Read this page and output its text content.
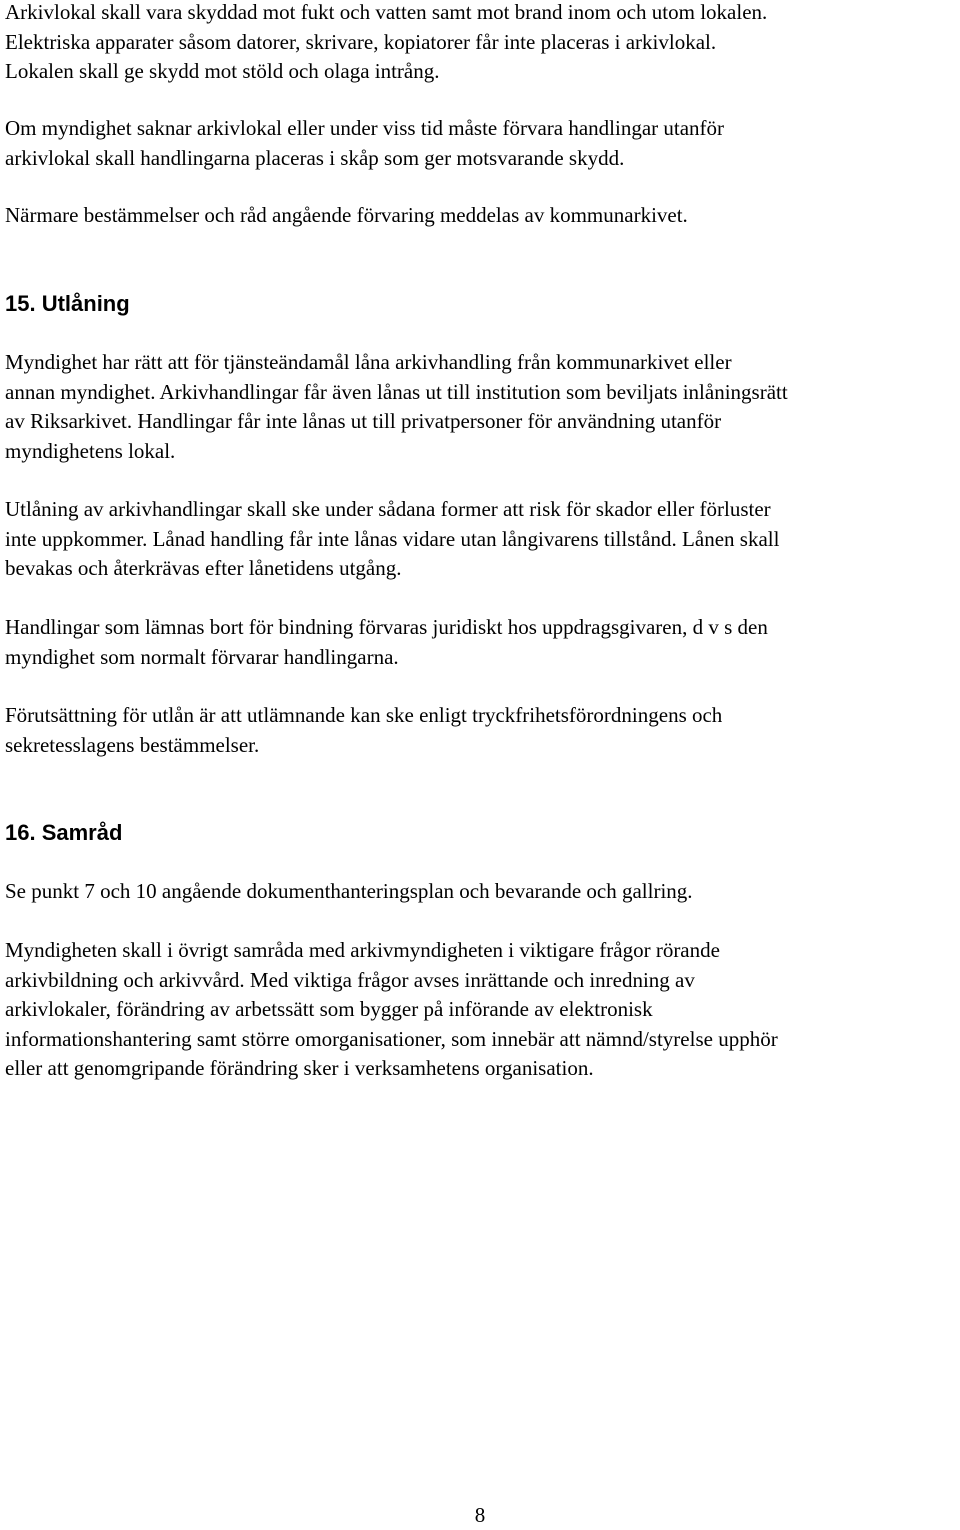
Arkivlokal skall vara skyddad mot fukt och vatten samt mot brand inom och utom lokalen.
Elektriska apparater såsom datorer, skrivare, kopiatorer får inte placeras i arkivlokal.
Lokalen skall ge skydd mot stöld och olaga intrång.

Om myndighet saknar arkivlokal eller under viss tid måste förvara handlingar utanför
arkivlokal skall handlingarna placeras i skåp som ger motsvarande skydd.

Närmare bestämmelser och råd angående förvaring meddelas av kommunarkivet.

15. Utlåning

Myndighet har rätt att för tjänsteändamål låna arkivhandling från kommunarkivet eller
annan myndighet. Arkivhandlingar får även lånas ut till institution som beviljats inlåningsrätt
av Riksarkivet. Handlingar får inte lånas ut till privatpersoner för användning utanför
myndighetens lokal.

Utlåning av arkivhandlingar skall ske under sådana former att risk för skador eller förluster
inte uppkommer. Lånad handling får inte lånas vidare utan långivarens tillstånd. Lånen skall
bevakas och återkrävas efter lånetidens utgång.

Handlingar som lämnas bort för bindning förvaras juridiskt hos uppdragsgivaren, d v s den
myndighet som normalt förvarar handlingarna.

Förutsättning för utlån är att utlämnande kan ske enligt tryckfrihetsförordningens och
sekretesslagens bestämmelser.

16. Samråd

Se punkt 7 och 10 angående dokumenthanteringsplan och bevarande och gallring.

Myndigheten skall i övrigt samråda med arkivmyndigheten i viktigare frågor rörande
arkivbildning och arkivvård. Med viktiga frågor avses inrättande och inredning av
arkivlokaler, förändring av arbetssätt som bygger på införande av elektronisk
informationshantering samt större omorganisationer, som innebär att nämnd/styrelse upphör
eller att genomgripande förändring sker i verksamhetens organisation.

8
